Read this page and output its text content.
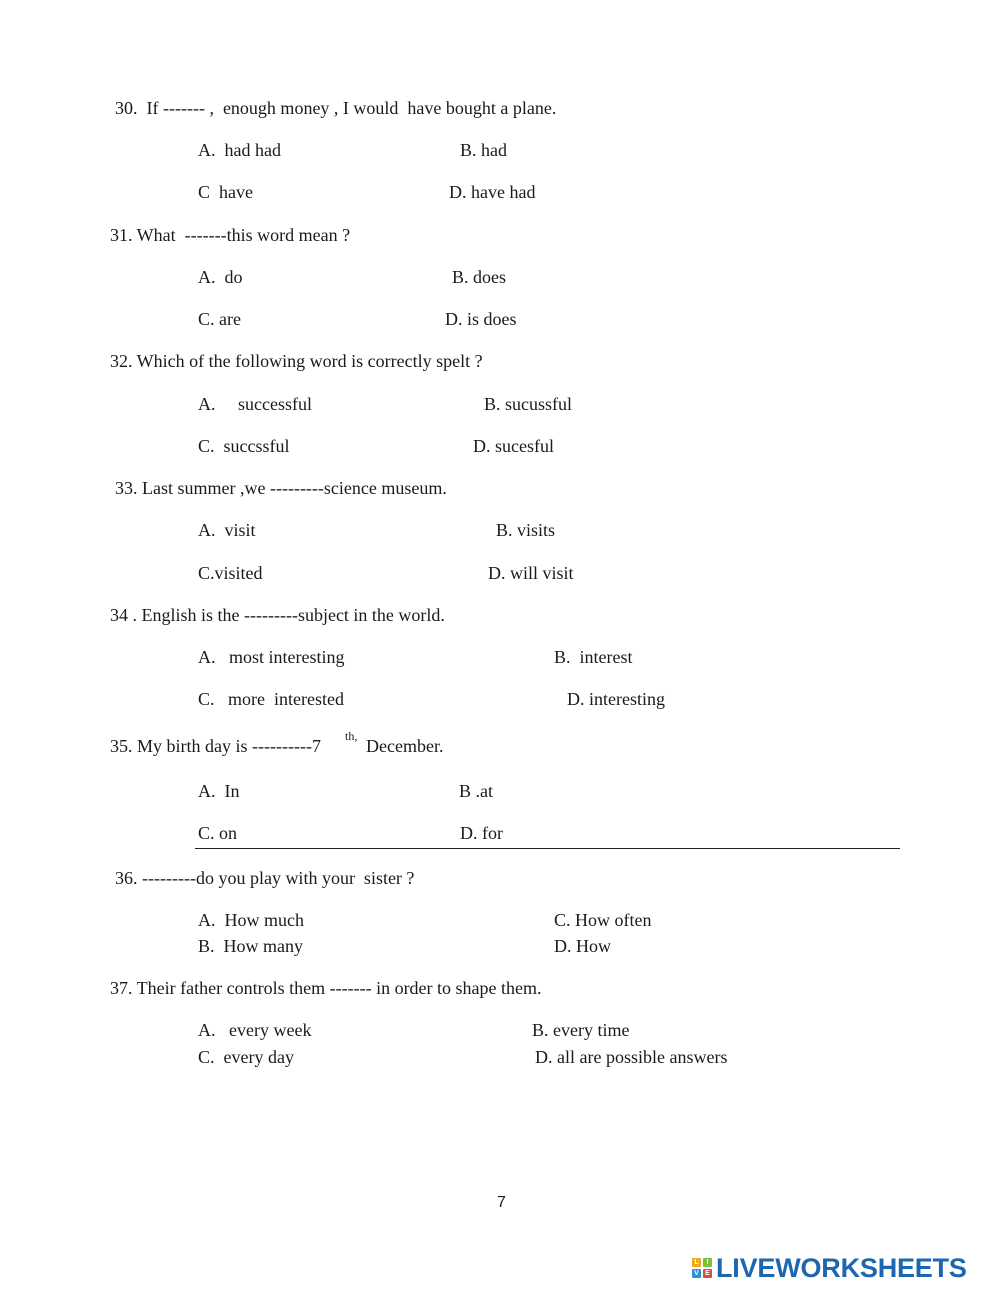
30.  If ------- ,  enough money , I would  have bought a plane.
A.  had had	B. had
C  have	D. have had
31. What  -------this word mean ?
A.  do	B. does
C. are	D. is does
32. Which of the following word is correctly spelt ?
A.     successful	B. sucussful
C.  succssful	D. sucesful
33. Last summer ,we ---------science museum.
A.  visit	B. visits
C.visited	D. will visit
34 . English is the ---------subject in the world.
A.   most interesting	B.  interest
C.   more  interested	D. interesting
35. My birth day is ----------7 th, December.
A.  In	B .at
C. on	D. for
36. ---------do you play with your  sister ?
A.  How much	C. How often
B.  How many	D. How
37. Their father controls them ------- in order to shape them.
A.   every week	B. every time
C.  every day	D. all are possible answers
7
L	I
V E LIVEWORKSHEETS
